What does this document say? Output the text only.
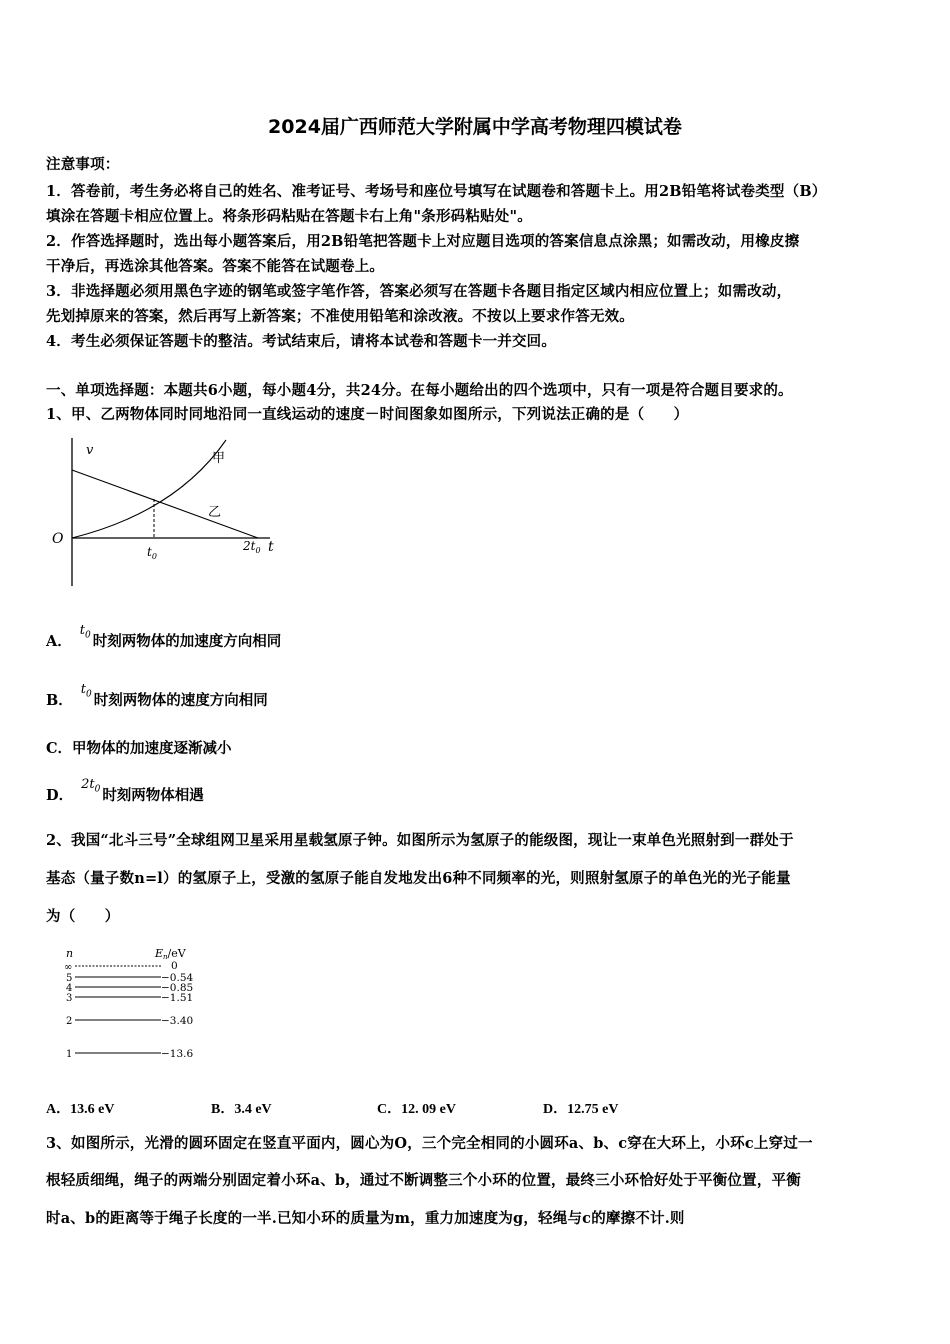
2024届广西师范大学附属中学高考物理四模试卷
注意事项：
1．答卷前，考生务必将自己的姓名、准考证号、考场号和座位号填写在试题卷和答题卡上。用2B铅笔将试卷类型（B）
填涂在答题卡相应位置上。将条形码粘贴在答题卡右上角"条形码粘贴处"。
2．作答选择题时，选出每小题答案后，用2B铅笔把答题卡上对应题目选项的答案信息点涂黑；如需改动，用橡皮擦
干净后，再选涂其他答案。答案不能答在试题卷上。
3．非选择题必须用黑色字迹的钢笔或签字笔作答，答案必须写在答题卡各题目指定区域内相应位置上；如需改动，
先划掉原来的答案，然后再写上新答案；不准使用铅笔和涂改液。不按以上要求作答无效。
4．考生必须保证答题卡的整洁。考试结束后，请将本试卷和答题卡一并交回。
一、单项选择题：本题共6小题，每小题4分，共24分。在每小题给出的四个选项中，只有一项是符合题目要求的。
1、甲、乙两物体同时同地沿同一直线运动的速度－时间图象如图所示，下列说法正确的是（　　）
v
O	t
$t_0$
$2t_0$
甲
乙
A．$t_0$ 时刻两物体的加速度方向相同
B．$t_0$ 时刻两物体的速度方向相同
C．甲物体的加速度逐渐减小
D．$2t_0$ 时刻两物体相遇
2、我国“北斗三号”全球组网卫星采用星载氢原子钟。如图所示为氢原子的能级图，现让一束单色光照射到一群处于
基态（量子数n=l）的氢原子上，受激的氢原子能自发地发出6种不同频率的光，则照射氢原子的单色光的光子能量
为（　　）
n	En/eV
∞
5
4
3
2
1
0
−0.54
−0.85
−1.51
−3.40
−13.6
A．13.6 eV	B．3.4 eV	C．12. 09 eV	D．12.75 eV
3、如图所示，光滑的圆环固定在竖直平面内，圆心为O，三个完全相同的小圆环a、b、c穿在大环上，小环c上穿过一
根轻质细绳，绳子的两端分别固定着小环a、b，通过不断调整三个小环的位置，最终三小环恰好处于平衡位置，平衡
时a、b的距离等于绳子长度的一半.已知小环的质量为m，重力加速度为g，轻绳与c的摩擦不计.则
